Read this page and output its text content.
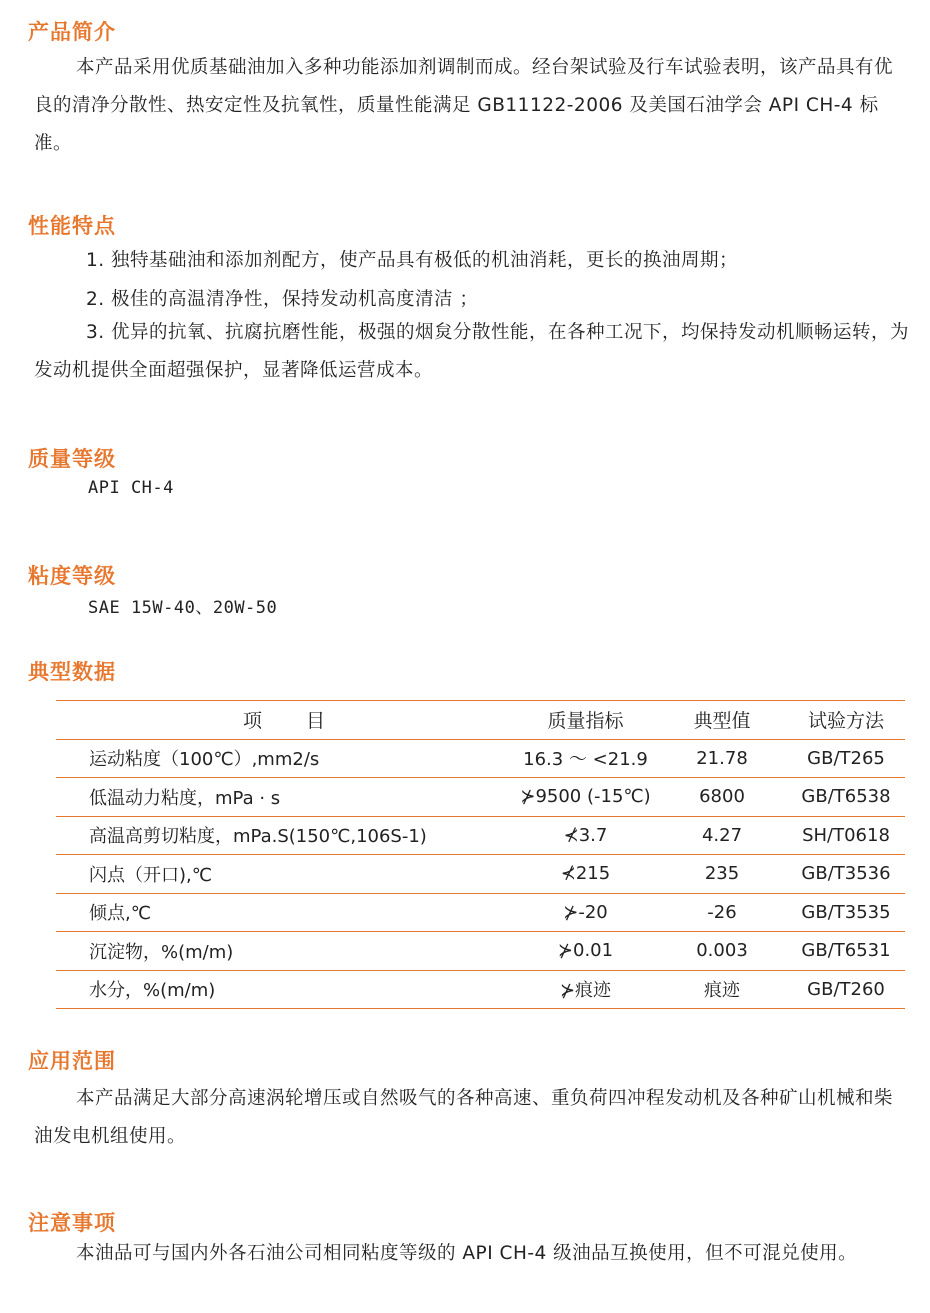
产品简介
本产品采用优质基础油加入多种功能添加剂调制而成。经台架试验及行车试验表明，该产品具有优良的清净分散性、热安定性及抗氧性，质量性能满足 GB11122-2006 及美国石油学会 API CH-4 标准。
性能特点
1. 独特基础油和添加剂配方，使产品具有极低的机油消耗，更长的换油周期；
2. 极佳的高温清净性，保持发动机高度清洁 ；
3. 优异的抗氧、抗腐抗磨性能，极强的烟炱分散性能，在各种工况下，均保持发动机顺畅运转，为发动机提供全面超强保护，显著降低运营成本。
质量等级
API CH-4
粘度等级
SAE 15W-40、20W-50
典型数据
项　　目	质量指标	典型值	试验方法
运动粘度（100℃）,mm2/s	16.3 ～ <21.9	21.78	GB/T265
低温动力粘度，mPa · s	⊁9500 (-15℃)	6800	GB/T6538
高温高剪切粘度，mPa.S(150℃,106S-1)	⊀3.7	4.27	SH/T0618
闪点（开口),℃	⊀215	235	GB/T3536
倾点,℃	⊁-20	-26	GB/T3535
沉淀物，%(m/m)	⊁0.01	0.003	GB/T6531
水分，%(m/m)	⊁痕迹	痕迹	GB/T260
应用范围
本产品满足大部分高速涡轮增压或自然吸气的各种高速、重负荷四冲程发动机及各种矿山机械和柴油发电机组使用。
注意事项
本油品可与国内外各石油公司相同粘度等级的 API CH-4 级油品互换使用，但不可混兑使用。
